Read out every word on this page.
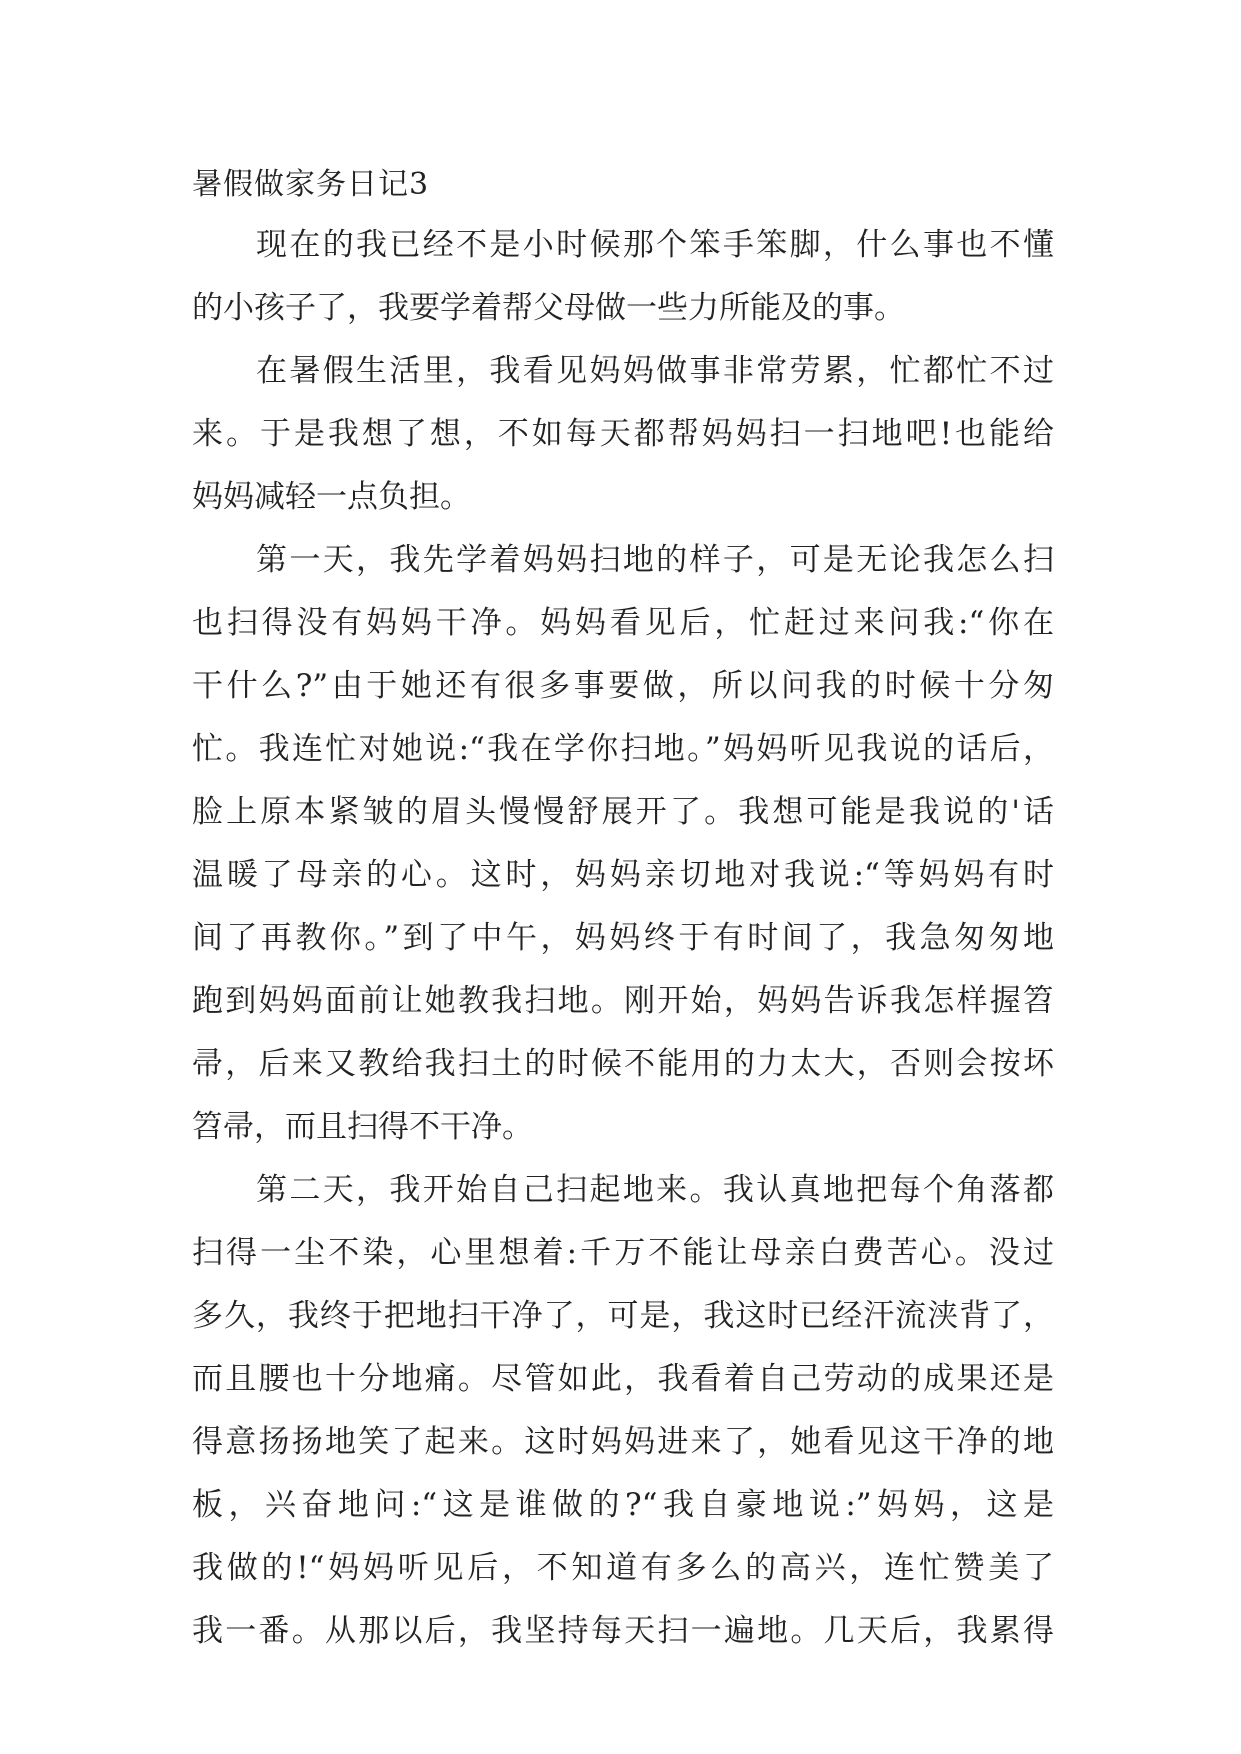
暑假做家务日记3
现在的我已经不是小时候那个笨手笨脚，什么事也不懂
的小孩子了，我要学着帮父母做一些力所能及的事。
在暑假生活里，我看见妈妈做事非常劳累，忙都忙不过
来。于是我想了想，不如每天都帮妈妈扫一扫地吧!也能给
妈妈减轻一点负担。
第一天，我先学着妈妈扫地的样子，可是无论我怎么扫
也扫得没有妈妈干净。妈妈看见后，忙赶过来问我:“你在
干什么?”由于她还有很多事要做，所以问我的时候十分匆
忙。我连忙对她说:“我在学你扫地。”妈妈听见我说的话后，
脸上原本紧皱的眉头慢慢舒展开了。我想可能是我说的'话
温暖了母亲的心。这时，妈妈亲切地对我说:“等妈妈有时
间了再教你。”到了中午，妈妈终于有时间了，我急匆匆地
跑到妈妈面前让她教我扫地。刚开始，妈妈告诉我怎样握笤
帚，后来又教给我扫土的时候不能用的力太大，否则会按坏
笤帚，而且扫得不干净。
第二天，我开始自己扫起地来。我认真地把每个角落都
扫得一尘不染，心里想着:千万不能让母亲白费苦心。没过
多久，我终于把地扫干净了，可是，我这时已经汗流浃背了，
而且腰也十分地痛。尽管如此，我看着自己劳动的成果还是
得意扬扬地笑了起来。这时妈妈进来了，她看见这干净的地
板，兴奋地问:“这是谁做的?“我自豪地说:”妈妈，这是
我做的!“妈妈听见后，不知道有多么的高兴，连忙赞美了
我一番。从那以后，我坚持每天扫一遍地。几天后，我累得
